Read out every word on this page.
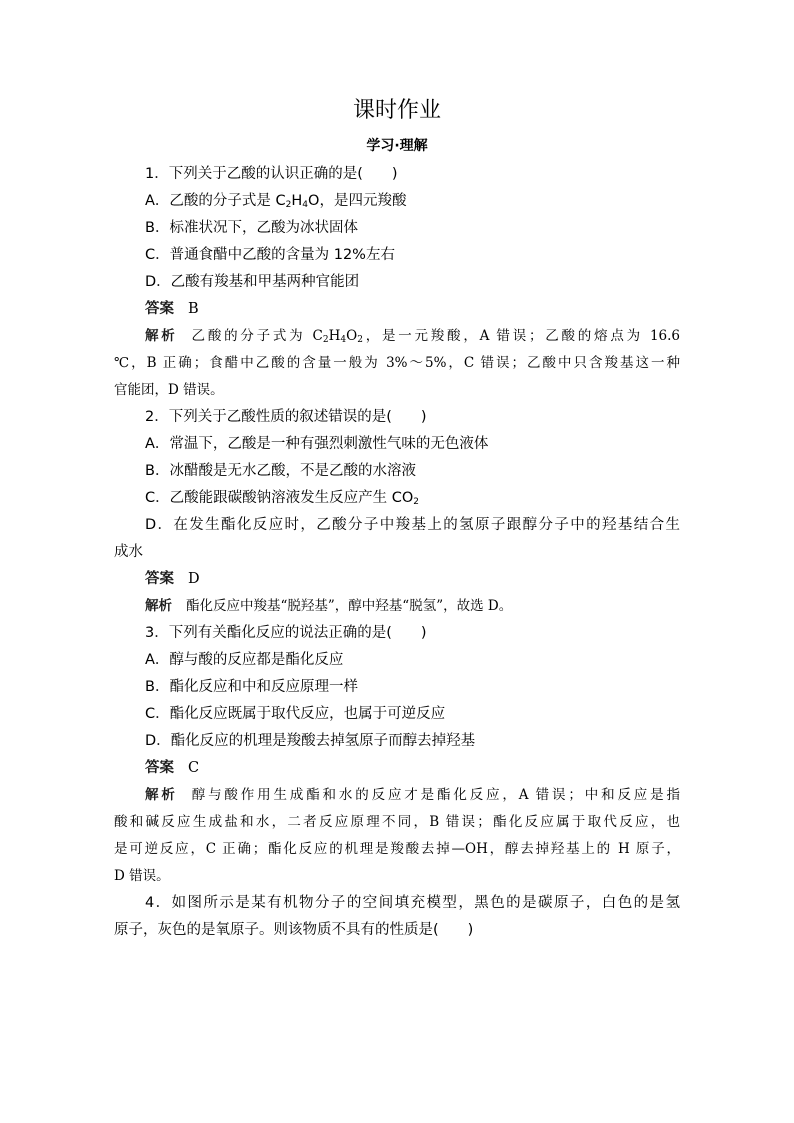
课时作业
学习·理解
1．下列关于乙酸的认识正确的是(　　)
A．乙酸的分子式是 $C_2H_4O$，是四元羧酸
B．标准状况下，乙酸为冰状固体
C．普通食醋中乙酸的含量为 12%左右
D．乙酸有羧基和甲基两种官能团
答案 B
解析 乙酸的分子式为 $C_2H_4O_2$，是一元羧酸，A 错误；乙酸的熔点为 16.6
℃，B 正确；食醋中乙酸的含量一般为 3%～5%，C 错误；乙酸中只含羧基这一种
官能团，D 错误。
2．下列关于乙酸性质的叙述错误的是(　　)
A．常温下，乙酸是一种有强烈刺激性气味的无色液体
B．冰醋酸是无水乙酸，不是乙酸的水溶液
C．乙酸能跟碳酸钠溶液发生反应产生 $CO_2$
D．在发生酯化反应时，乙酸分子中羧基上的氢原子跟醇分子中的羟基结合生
成水
答案 D
解析 酯化反应中羧基“脱羟基”，醇中羟基“脱氢”，故选 D。
3．下列有关酯化反应的说法正确的是(　　)
A．醇与酸的反应都是酯化反应
B．酯化反应和中和反应原理一样
C．酯化反应既属于取代反应，也属于可逆反应
D．酯化反应的机理是羧酸去掉氢原子而醇去掉羟基
答案 C
解析 醇与酸作用生成酯和水的反应才是酯化反应，A 错误；中和反应是指
酸和碱反应生成盐和水，二者反应原理不同，B 错误；酯化反应属于取代反应，也
是可逆反应，C 正确；酯化反应的机理是羧酸去掉—OH，醇去掉羟基上的 H 原子，
D 错误。
4．如图所示是某有机物分子的空间填充模型，黑色的是碳原子，白色的是氢
原子，灰色的是氧原子。则该物质不具有的性质是(　　)
